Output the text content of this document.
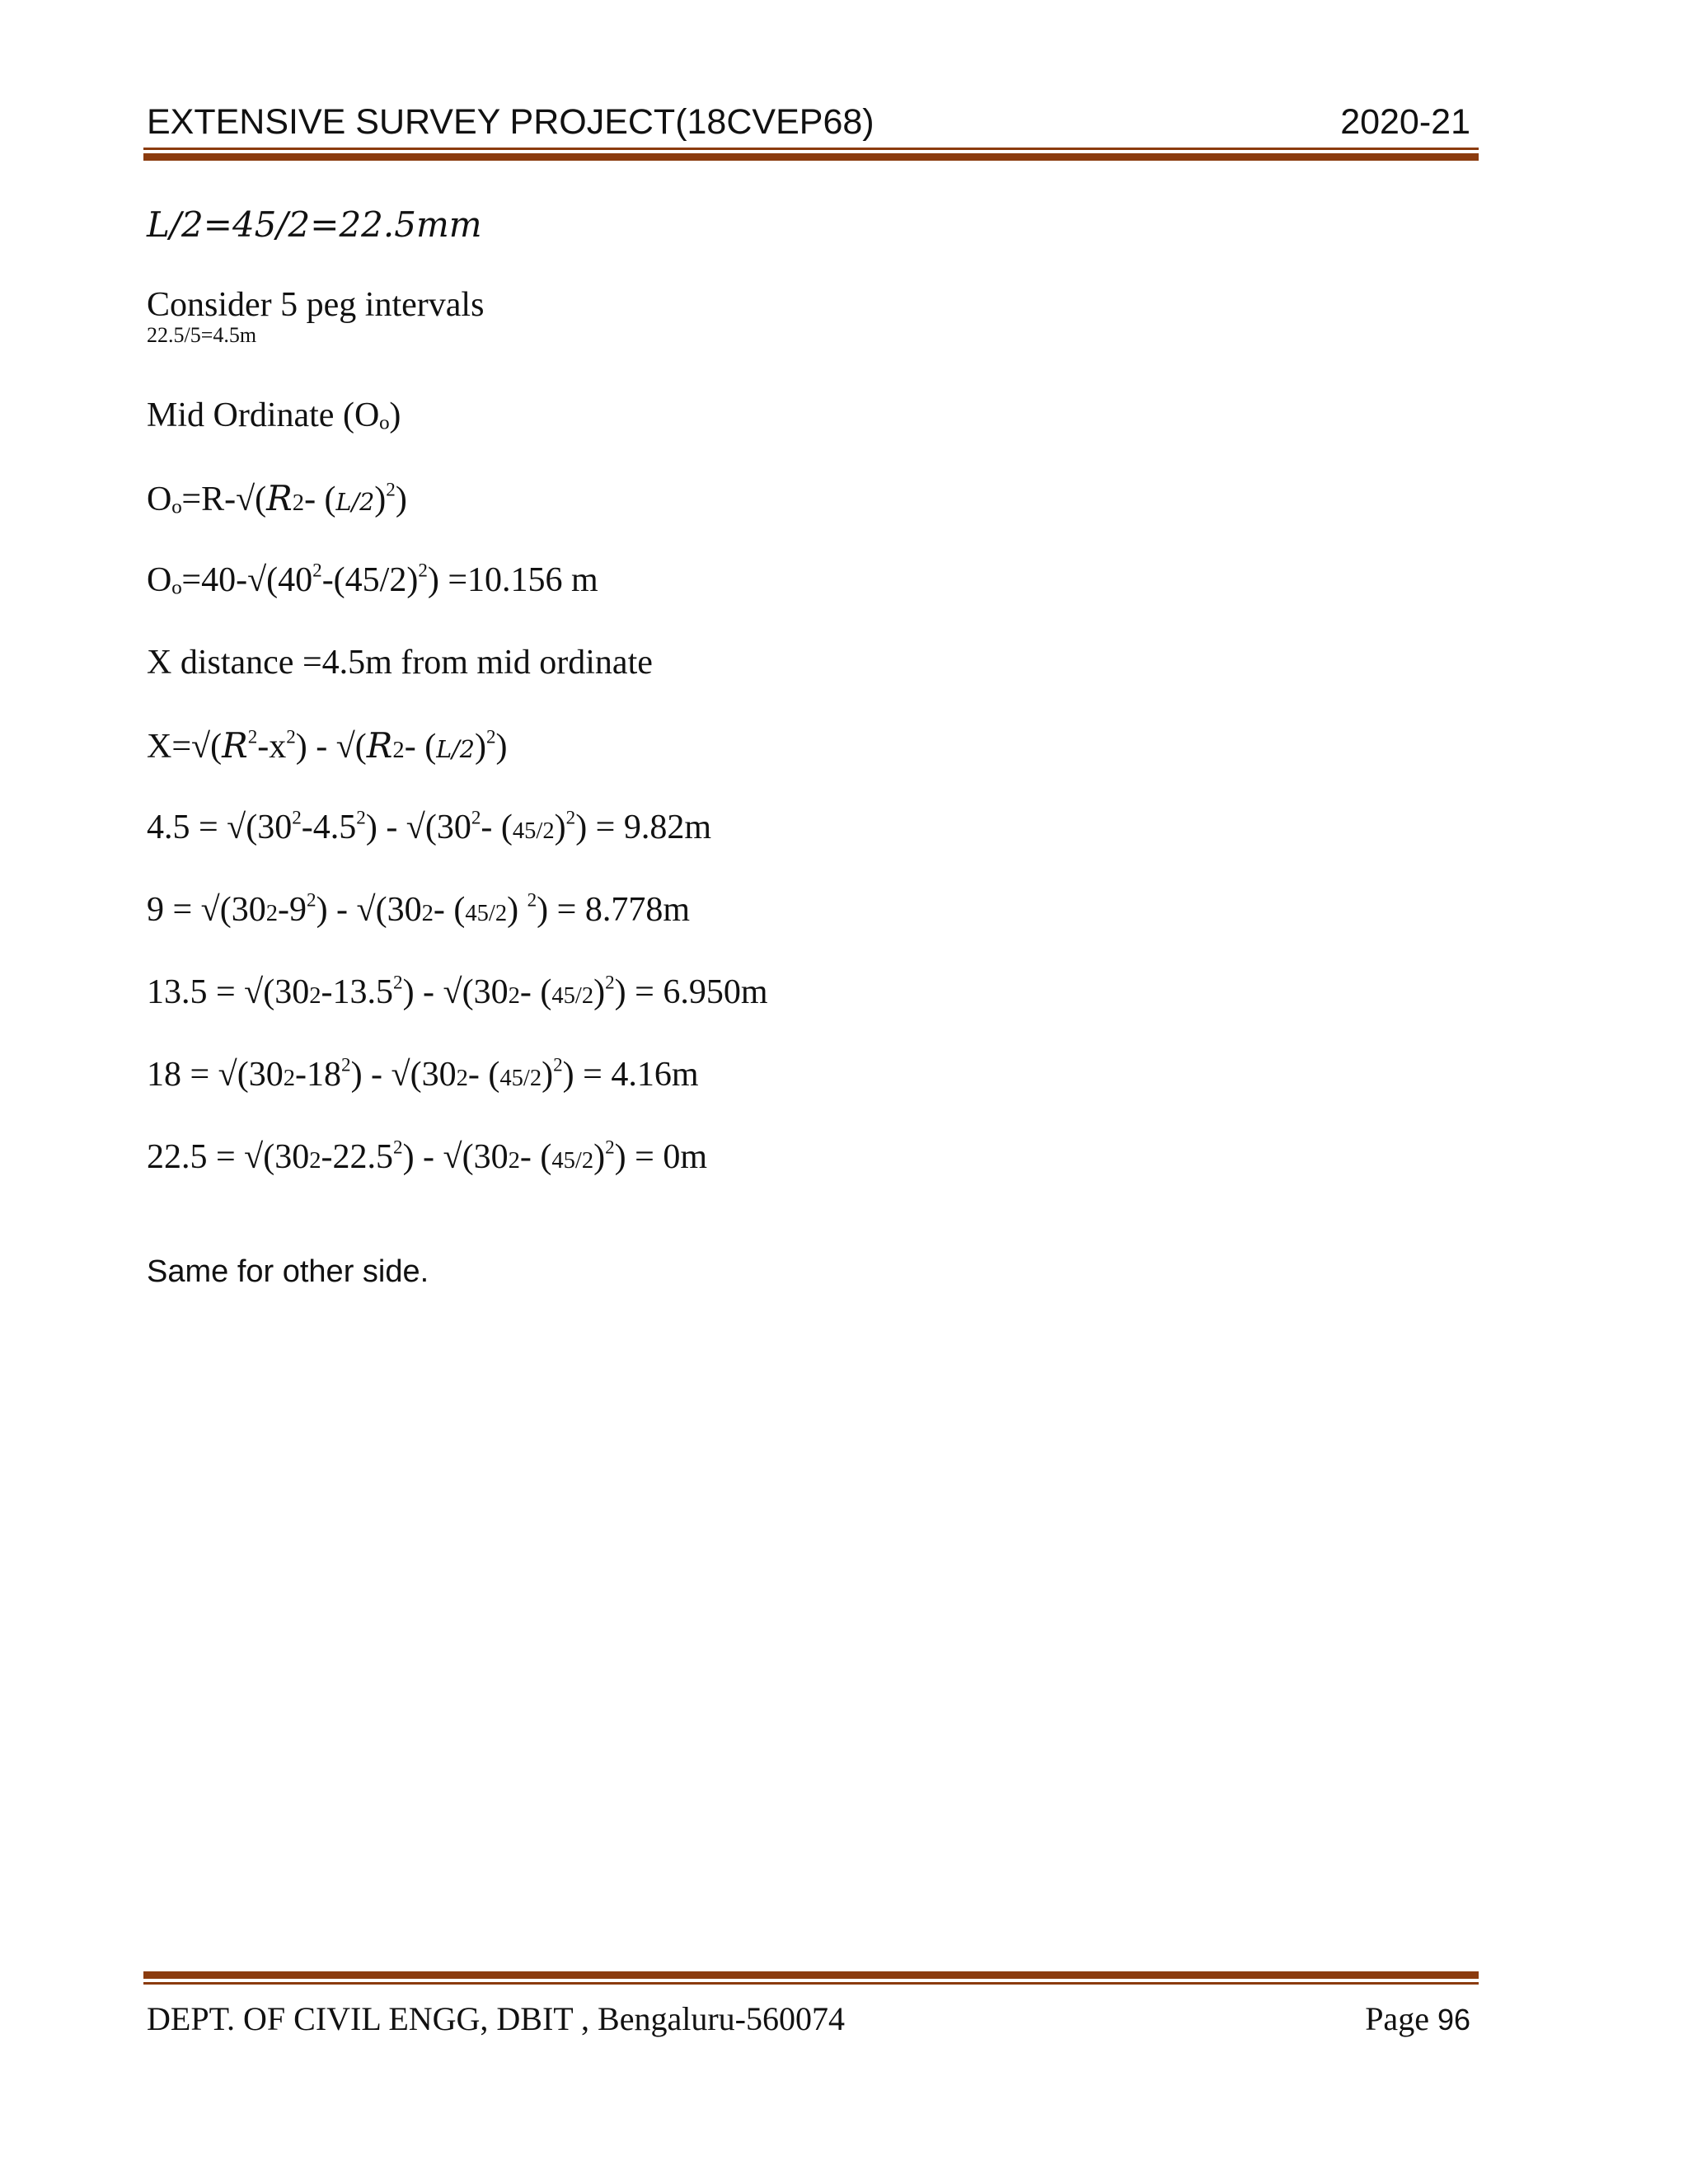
EXTENSIVE SURVEY PROJECT(18CVEP68)	2020-21
L/2=45/2=22.5mm
Consider 5 peg intervals
22.5/5=4.5m
Mid Ordinate (Oₒ)
Oₒ=R-√(R2- $(L/2)^2$)
$O_o=40-√(40^2-(45/2)^2) =10.156$ m
X distance =4.5m from mid ordinate
$X=√(R^2-x^2) - √(R2-$ $(L/2)^2$)
$4.5 = √(30^2-4.5^2) - √(30^2-$ $(45/2)^2) = 9.82m$
$9 = √(302-9^2) - √(302-$ (45/2) $^2$) = 8.778m
$13.5 = √(302-13.5^2) - √(302-$ $(45/2)^2) = 6.950m$
$18 = √(302-18^2) - √(302-$ $(45/2)^2) = 4.16m$
$22.5 = √(302-22.5^2) - √(302-$ $(45/2)^2) = 0m$
Same for other side.
DEPT. OF CIVIL ENGG, DBIT , Bengaluru-560074	Page 96
